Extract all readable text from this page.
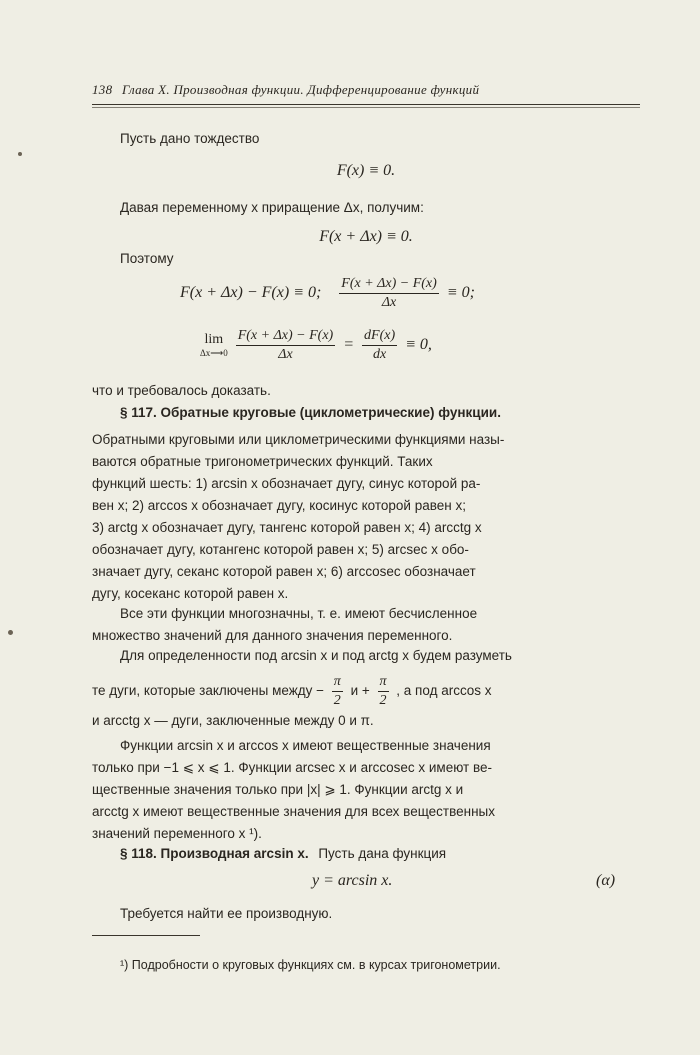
138 Глава X. Производная функции. Дифференцирование функций
Пусть дано тождество
F(x) ≡ 0.
Давая переменному x приращение Δx, получим:
F(x + Δx) ≡ 0.
Поэтому
F(x + Δx) − F(x) ≡ 0; $\frac{F(x + \Delta x) - F(x)}{\Delta x} \equiv 0$;
lim
Δx⟶0
$\frac{F(x + \Delta x) - F(x)}{\Delta x} = \frac{dF(x)}{dx} \equiv 0$,
что и требовалось доказать.
§ 117. Обратные круговые (циклометрические) функции.
Обратными круговыми или циклометрическими функциями назы-
ваются обратные тригонометрических функций. Таких
функций шесть: 1) arcsin x обозначает дугу, синус которой ра-
вен x; 2) arccos x обозначает дугу, косинус которой равен x;
3) arctg x обозначает дугу, тангенс которой равен x; 4) arcctg x
обозначает дугу, котангенс которой равен x; 5) arcsec x обо-
значает дугу, секанс которой равен x; 6) arccosec обозначает
дугу, косеканс которой равен x.
Все эти функции многозначны, т. е. имеют бесчисленное
множество значений для данного значения переменного.
Для определенности под arcsin x и под arctg x будем разуметь
те дуги, которые заключены между − $\frac{\pi}{2}$ $и + \frac{\pi}{2}$ , а под arccos x
и arcctg x — дуги, заключенные между 0 и π.
Функции arcsin x и arccos x имеют вещественные значения
только при −1 ⩽ x ⩽ 1. Функции arcsec x и arccosec x имеют ве-
щественные значения только при |x| ⩾ 1. Функции arctg x и
arcctg x имеют вещественные значения для всех вещественных
значений переменного x ¹).
§ 118. Производная arcsin x. Пусть дана функция
y = arcsin x.	(α)
Требуется найти ее производную.
¹) Подробности о круговых функциях см. в курсах тригонометрии.
